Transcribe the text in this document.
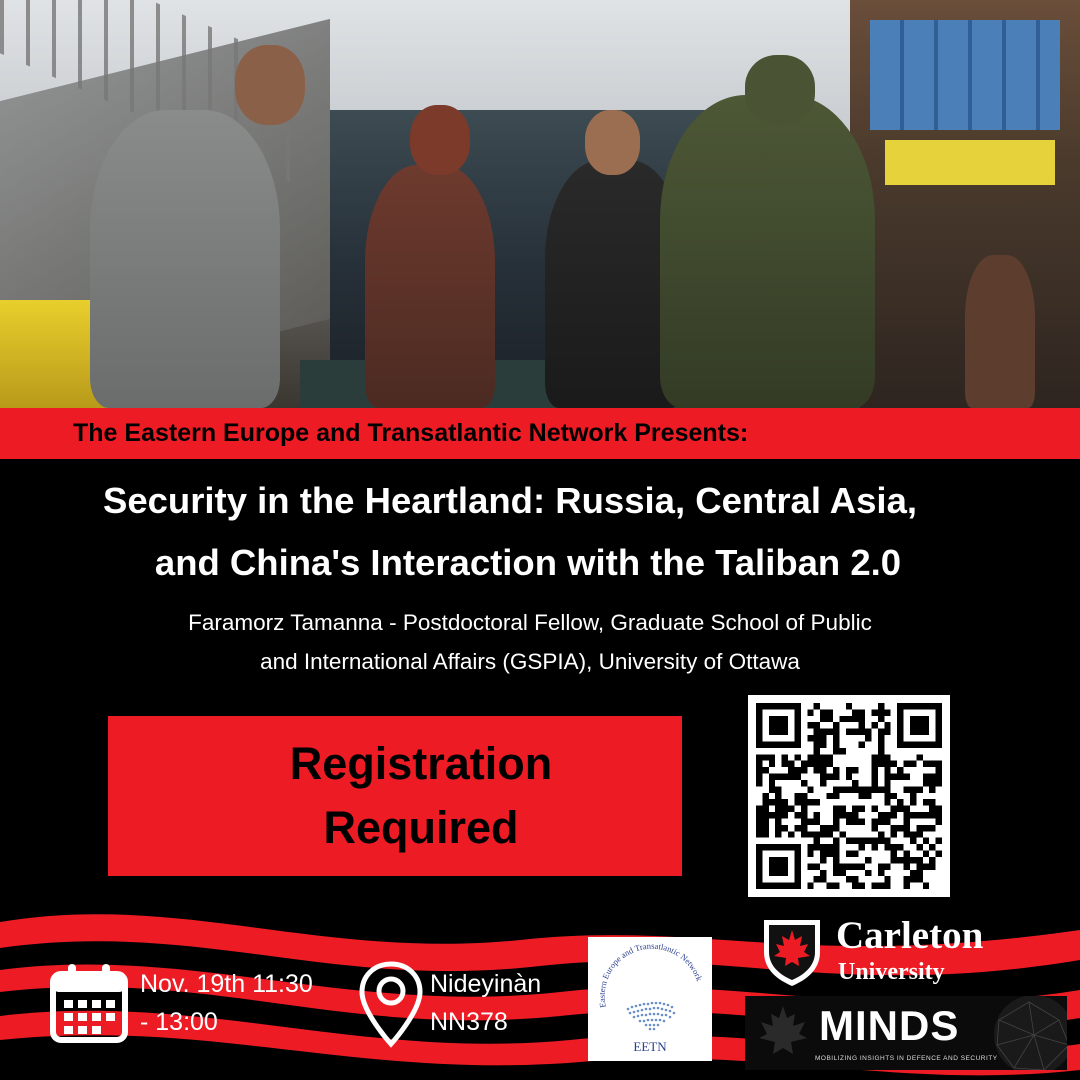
The Eastern Europe and Transatlantic Network Presents:
Security in the Heartland: Russia, Central Asia,
and China's Interaction with the Taliban 2.0
Faramorz Tamanna - Postdoctoral Fellow, Graduate School of Public
and International Affairs (GSPIA), University of Ottawa
Registration
Required
Nov. 19th 11:30
- 13:00
Nideyinàn
NN378
Eastern Europe and Transatlantic Network
EETN
Carleton
University
MINDS
MOBILIZING INSIGHTS IN DEFENCE AND SECURITY
